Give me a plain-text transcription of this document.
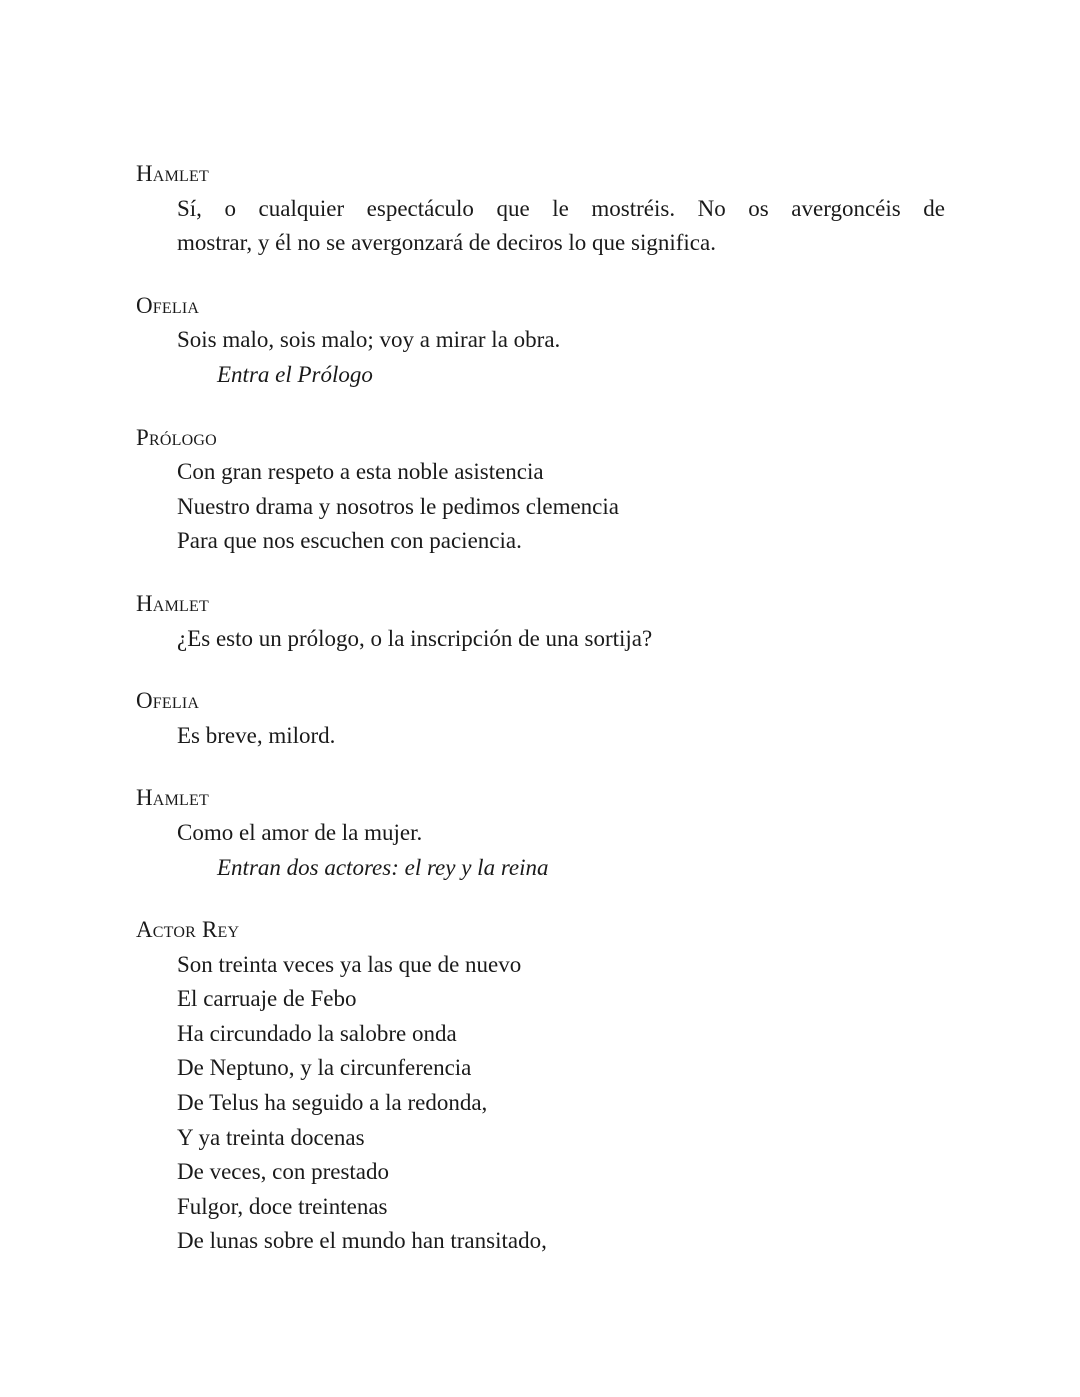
Hamlet
Sí, o cualquier espectáculo que le mostréis. No os avergoncéis de
mostrar, y él no se avergonzará de deciros lo que significa.
Ofelia
Sois malo, sois malo; voy a mirar la obra.
Entra el Prólogo
Prólogo
Con gran respeto a esta noble asistencia
Nuestro drama y nosotros le pedimos clemencia
Para que nos escuchen con paciencia.
Hamlet
¿Es esto un prólogo, o la inscripción de una sortija?
Ofelia
Es breve, milord.
Hamlet
Como el amor de la mujer.
Entran dos actores: el rey y la reina
Actor Rey
Son treinta veces ya las que de nuevo
El carruaje de Febo
Ha circundado la salobre onda
De Neptuno, y la circunferencia
De Telus ha seguido a la redonda,
Y ya treinta docenas
De veces, con prestado
Fulgor, doce treintenas
De lunas sobre el mundo han transitado,
